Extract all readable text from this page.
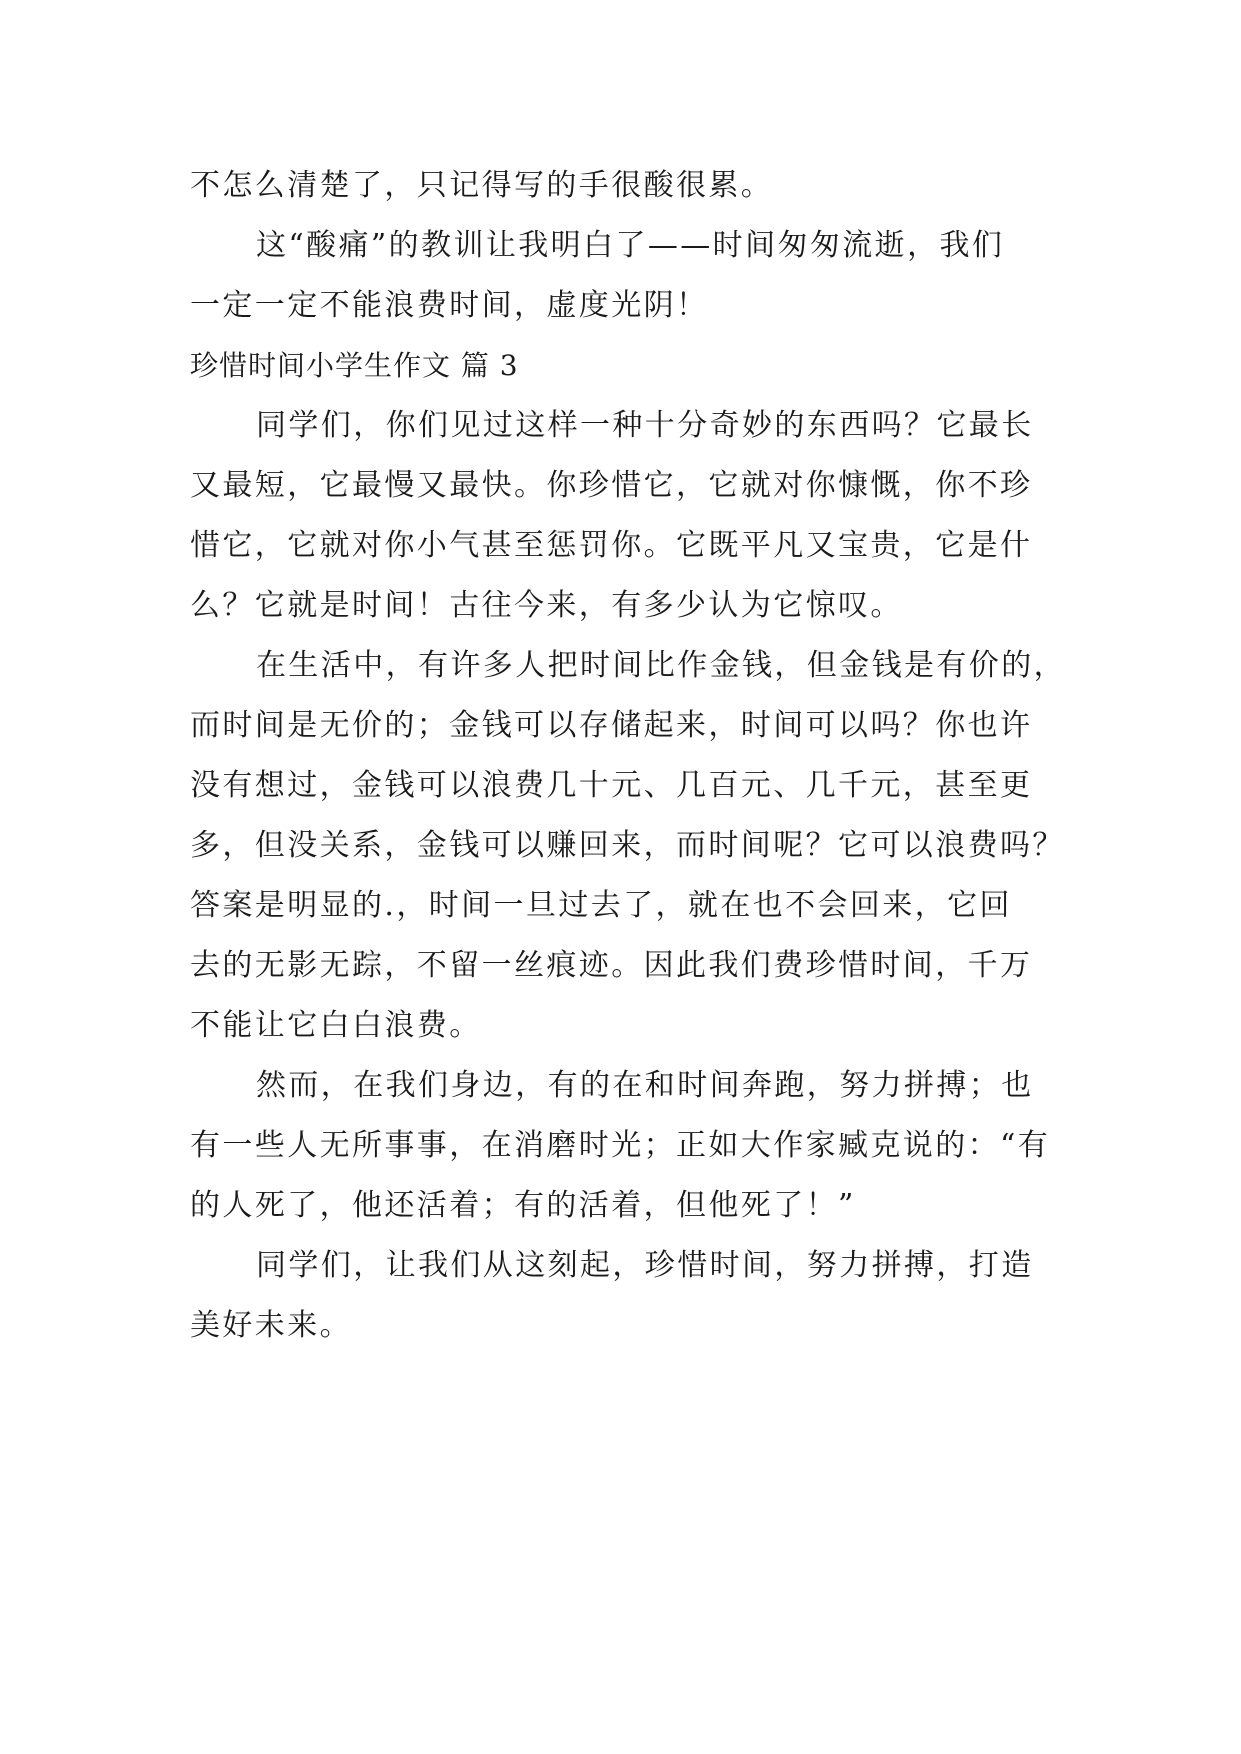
不怎么清楚了，只记得写的手很酸很累。
这“酸痛”的教训让我明白了——时间匆匆流逝，我们
一定一定不能浪费时间，虚度光阴！
珍惜时间小学生作文 篇 3
同学们，你们见过这样一种十分奇妙的东西吗？它最长
又最短，它最慢又最快。你珍惜它，它就对你慷慨，你不珍
惜它，它就对你小气甚至惩罚你。它既平凡又宝贵，它是什
么？它就是时间！古往今来，有多少认为它惊叹。
在生活中，有许多人把时间比作金钱，但金钱是有价的，
而时间是无价的；金钱可以存储起来，时间可以吗？你也许
没有想过，金钱可以浪费几十元、几百元、几千元，甚至更
多，但没关系，金钱可以赚回来，而时间呢？它可以浪费吗？
答案是明显的.，时间一旦过去了，就在也不会回来，它回
去的无影无踪，不留一丝痕迹。因此我们费珍惜时间，千万
不能让它白白浪费。
然而，在我们身边，有的在和时间奔跑，努力拼搏；也
有一些人无所事事，在消磨时光；正如大作家臧克说的：“有
的人死了，他还活着；有的活着，但他死了！”
同学们，让我们从这刻起，珍惜时间，努力拼搏，打造
美好未来。
